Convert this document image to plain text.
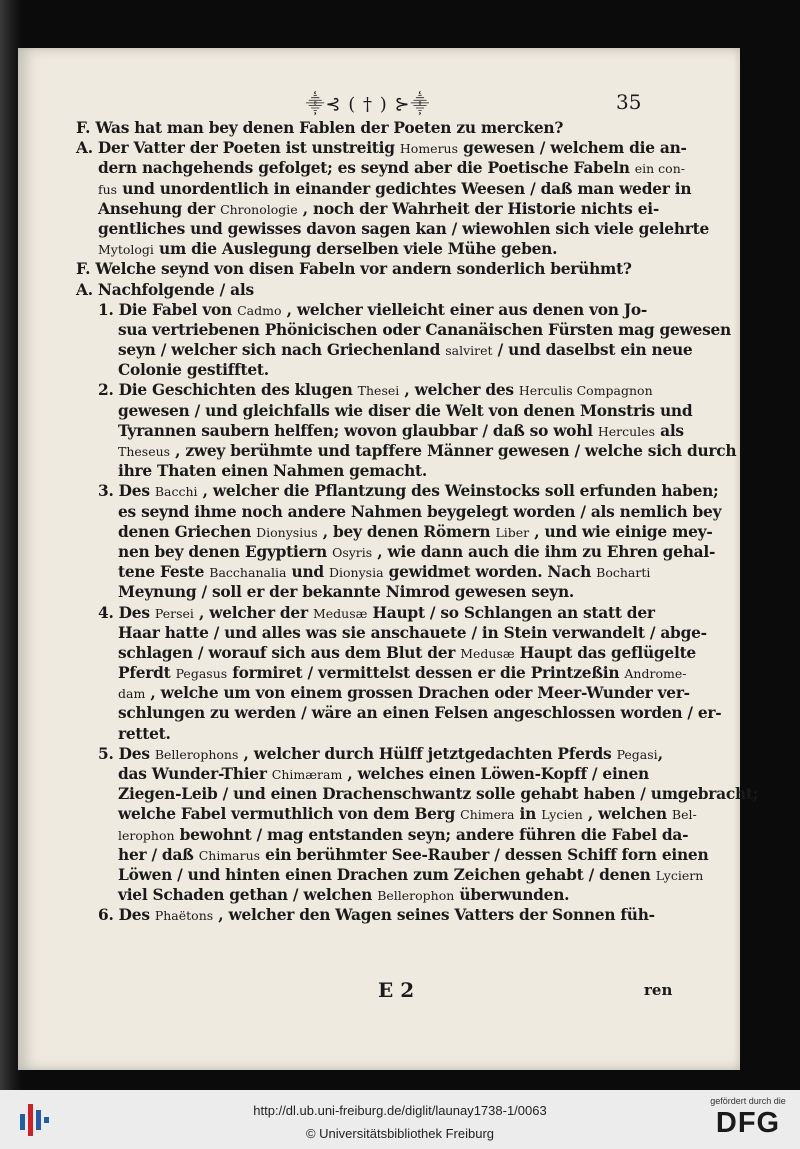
⸎⊰ ( † ) ⊱⸎	35
F. Was hat man bey denen Fablen der Poeten zu mercken?
A. Der Vatter der Poeten ist unstreitig Homerus gewesen / welchem die an-
dern nachgehends gefolget; es seynd aber die Poetische Fabeln ein con-
fus und unordentlich in einander gedichtes Weesen / daß man weder in
Ansehung der Chronologie , noch der Wahrheit der Historie nichts ei-
gentliches und gewisses davon sagen kan / wiewohlen sich viele gelehrte
Mytologi um die Auslegung derselben viele Mühe geben.
F. Welche seynd von disen Fabeln vor andern sonderlich berühmt?
A. Nachfolgende / als
1. Die Fabel von Cadmo , welcher vielleicht einer aus denen von Jo-
sua vertriebenen Phönicischen oder Cananäischen Fürsten mag gewesen
seyn / welcher sich nach Griechenland salviret / und daselbst ein neue
Colonie gestifftet.
2. Die Geschichten des klugen Thesei , welcher des Herculis Compagnon
gewesen / und gleichfalls wie diser die Welt von denen Monstris und
Tyrannen saubern helffen; wovon glaubbar / daß so wohl Hercules als
Theseus , zwey berühmte und tapffere Männer gewesen / welche sich durch
ihre Thaten einen Nahmen gemacht.
3. Des Bacchi , welcher die Pflantzung des Weinstocks soll erfunden haben;
es seynd ihme noch andere Nahmen beygelegt worden / als nemlich bey
denen Griechen Dionysius , bey denen Römern Liber , und wie einige mey-
nen bey denen Egyptiern Osyris , wie dann auch die ihm zu Ehren gehal-
tene Feste Bacchanalia und Dionysia gewidmet worden. Nach Bocharti
Meynung / soll er der bekannte Nimrod gewesen seyn.
4. Des Persei , welcher der Medusæ Haupt / so Schlangen an statt der
Haar hatte / und alles was sie anschauete / in Stein verwandelt / abge-
schlagen / worauf sich aus dem Blut der Medusæ Haupt das geflügelte
Pferdt Pegasus formiret / vermittelst dessen er die Printzeßin Androme-
dam , welche um von einem grossen Drachen oder Meer-Wunder ver-
schlungen zu werden / wäre an einen Felsen angeschlossen worden / er-
rettet.
5. Des Bellerophons , welcher durch Hülff jetztgedachten Pferds Pegasi,
das Wunder-Thier Chimæram , welches einen Löwen-Kopff / einen
Ziegen-Leib / und einen Drachenschwantz solle gehabt haben / umgebracht;
welche Fabel vermuthlich von dem Berg Chimera in Lycien , welchen Bel-
lerophon bewohnt / mag entstanden seyn; andere führen die Fabel da-
her / daß Chimarus ein berühmter See-Rauber / dessen Schiff forn einen
Löwen / und hinten einen Drachen zum Zeichen gehabt / denen Lyciern
viel Schaden gethan / welchen Bellerophon überwunden.
6. Des Phaëtons , welcher den Wagen seines Vatters der Sonnen füh-
E 2	ren
http://dl.ub.uni-freiburg.de/diglit/launay1738-1/0063
© Universitätsbibliothek Freiburg
gefördert durch die
DFG
